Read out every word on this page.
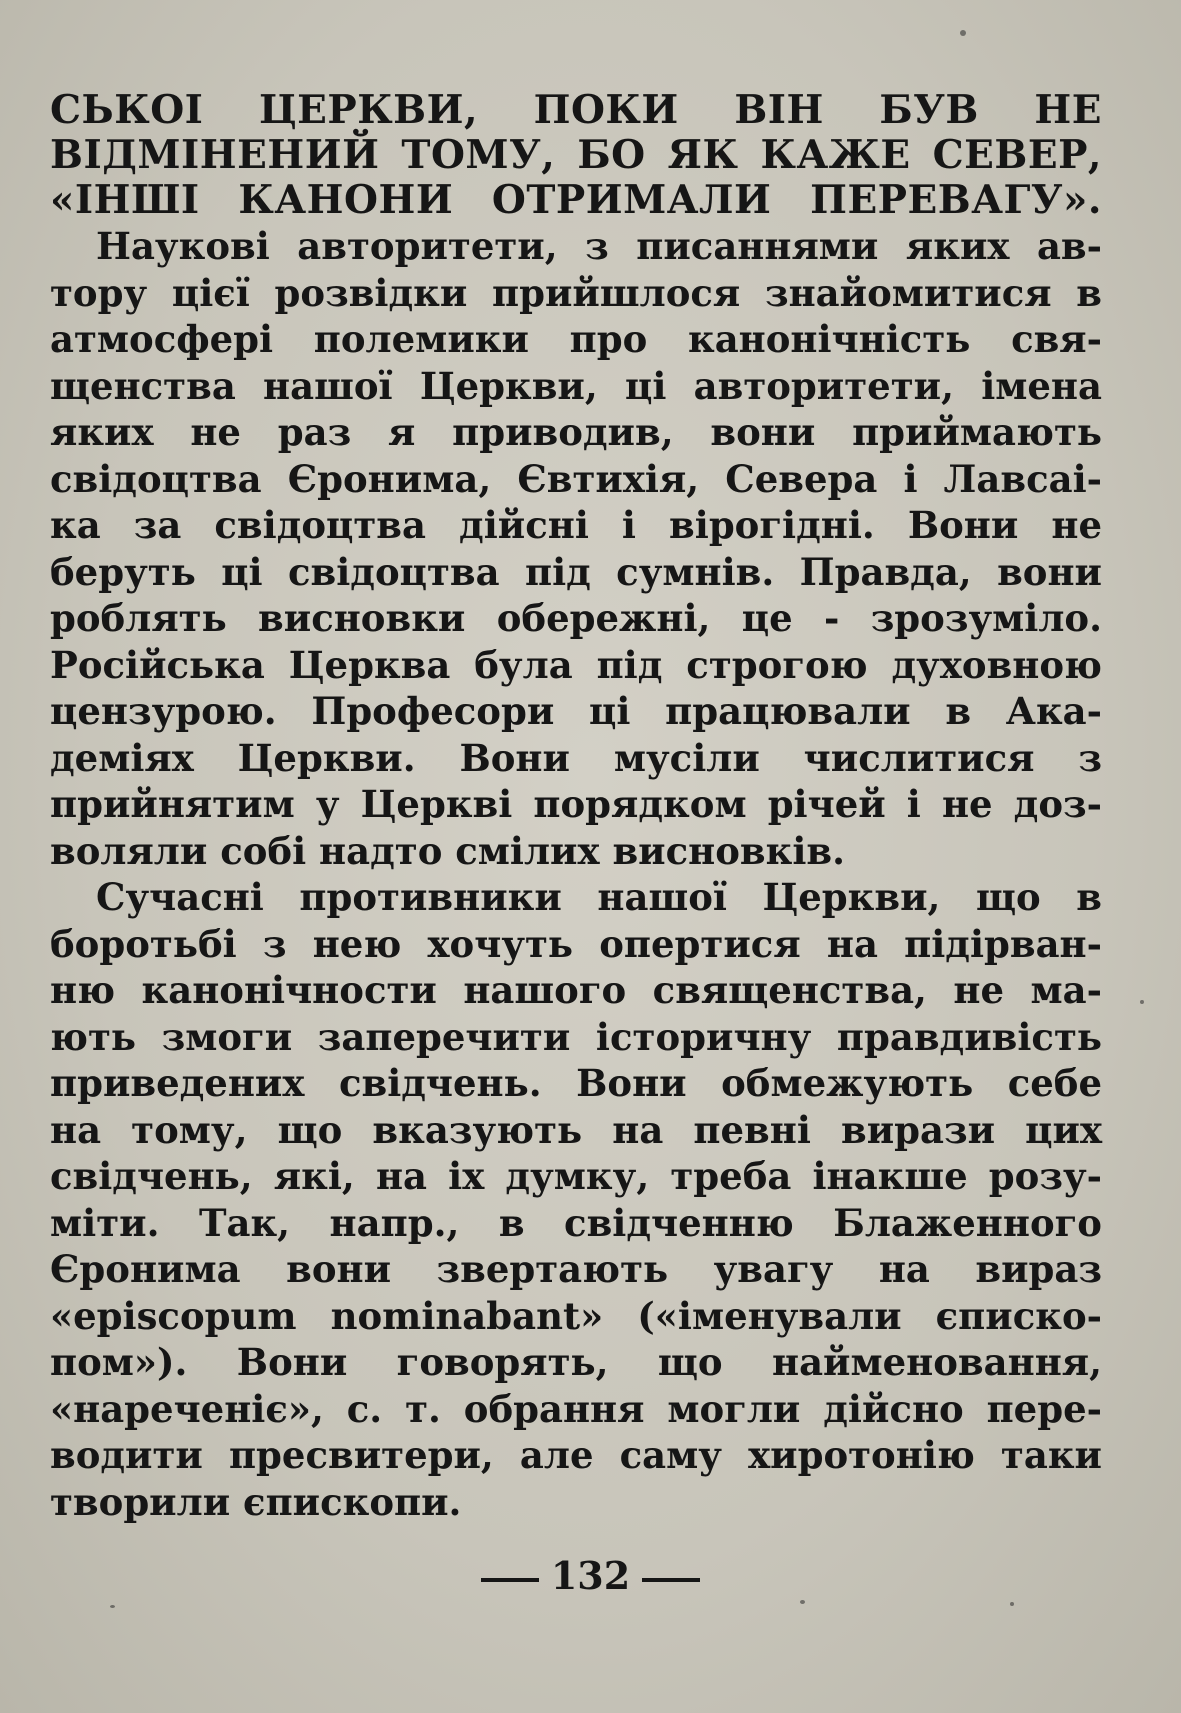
СЬКОІ ЦЕРКВИ, ПОКИ ВІН БУВ НЕ
ВІДМІНЕНИЙ ТОМУ, БО ЯК КАЖЕ СЕВЕР,
«ІНШІ КАНОНИ ОТРИМАЛИ ПЕРЕВАГУ».
Наукові авторитети, з писаннями яких ав-
тору цієї розвідки прийшлося знайомитися в
атмосфері полемики про канонічність свя-
щенства нашої Церкви, ці авторитети, імена
яких не раз я приводив, вони приймають
свідоцтва Єронима, Євтихія, Севера і Лавсаі-
ка за свідоцтва дійсні і вірогідні. Вони не
беруть ці свідоцтва під сумнів. Правда, вони
роблять висновки обережні, це - зрозуміло.
Російська Церква була під строгою духовною
цензурою. Професори ці працювали в Ака-
деміях Церкви. Вони мусіли числитися з
прийнятим у Церкві порядком річей і не доз-
воляли собі надто смілих висновків.
Сучасні противники нашої Церкви, що в
боротьбі з нею хочуть опертися на підірван-
ню канонічности нашого священства, не ма-
ють змоги заперечити історичну правдивість
приведених свідчень. Вони обмежують себе
на тому, що вказують на певні вирази цих
свідчень, які, на іх думку, треба інакше розу-
міти. Так, напр., в свідченню Блаженного
Єронима вони звертають увагу на вираз
«episcopum nominabant» («іменували єписко-
пом»). Вони говорять, що найменовання,
«нареченіє», с. т. обрання могли дійсно пере-
водити пресвитери, але саму хиротонію таки
творили єпископи.
132
